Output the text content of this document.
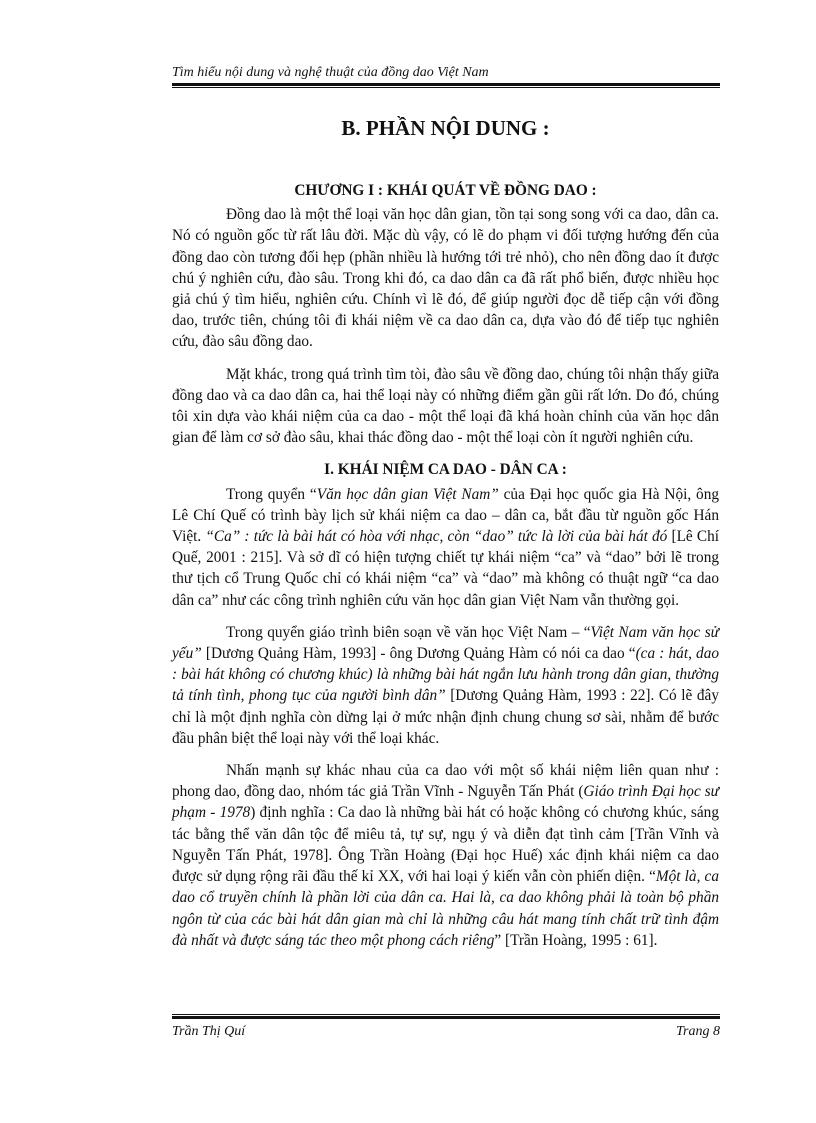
Tìm hiểu nội dung và nghệ thuật của đồng dao Việt Nam
B. PHẦN NỘI DUNG :
CHƯƠNG I : KHÁI QUÁT VỀ ĐỒNG DAO :

Đồng dao là một thể loại văn học dân gian, tồn tại song song với ca dao, dân ca. Nó có nguồn gốc từ rất lâu đời. Mặc dù vậy, có lẽ do phạm vi đối tượng hướng đến của đồng dao còn tương đối hẹp (phần nhiều là hướng tới trẻ nhỏ), cho nên đồng dao ít được chú ý nghiên cứu, đào sâu. Trong khi đó, ca dao dân ca đã rất phổ biến, được nhiều học giả chú ý tìm hiểu, nghiên cứu. Chính vì lẽ đó, để giúp người đọc dễ tiếp cận với đồng dao, trước tiên, chúng tôi đi khái niệm về ca dao dân ca, dựa vào đó để tiếp tục nghiên cứu, đào sâu đồng dao.

Mặt khác, trong quá trình tìm tòi, đào sâu về đồng dao, chúng tôi nhận thấy giữa đồng dao và ca dao dân ca, hai thể loại này có những điểm gần gũi rất lớn. Do đó, chúng tôi xin dựa vào khái niệm của ca dao - một thể loại đã khá hoàn chỉnh của văn học dân gian để làm cơ sở đào sâu, khai thác đồng dao - một thể loại còn ít người nghiên cứu.

I. KHÁI NIỆM CA DAO - DÂN CA :

Trong quyển “Văn học dân gian Việt Nam” của Đại học quốc gia Hà Nội, ông Lê Chí Quế có trình bày lịch sử khái niệm ca dao – dân ca, bắt đầu từ nguồn gốc Hán Việt. “Ca” : tức là bài hát có hòa với nhạc, còn “dao” tức là lời của bài hát đó [Lê Chí Quế, 2001 : 215]. Và sở dĩ có hiện tượng chiết tự khái niệm “ca” và “dao” bởi lẽ trong thư tịch cổ Trung Quốc chỉ có khái niệm “ca” và “dao” mà không có thuật ngữ “ca dao dân ca” như các công trình nghiên cứu văn học dân gian Việt Nam vẫn thường gọi.

Trong quyển giáo trình biên soạn về văn học Việt Nam – “Việt Nam văn học sử yếu” [Dương Quảng Hàm, 1993] - ông Dương Quảng Hàm có nói ca dao “(ca : hát, dao : bài hát không có chương khúc) là những bài hát ngắn lưu hành trong dân gian, thường tả tính tình, phong tục của người bình dân” [Dương Quảng Hàm, 1993 : 22]. Có lẽ đây chỉ là một định nghĩa còn dừng lại ở mức nhận định chung chung sơ sài, nhằm để bước đầu phân biệt thể loại này với thể loại khác.

Nhấn mạnh sự khác nhau của ca dao với một số khái niệm liên quan như : phong dao, đồng dao, nhóm tác giả Trần Vĩnh - Nguyễn Tấn Phát (Giáo trình Đại học sư phạm - 1978) định nghĩa : Ca dao là những bài hát có hoặc không có chương khúc, sáng tác bằng thể văn dân tộc để miêu tả, tự sự, ngụ ý và diễn đạt tình cảm [Trần Vĩnh và Nguyễn Tấn Phát, 1978]. Ông Trần Hoàng (Đại học Huế) xác định khái niệm ca dao được sử dụng rộng rãi đầu thế kỉ XX, với hai loại ý kiến vẫn còn phiến diện. “Một là, ca dao cổ truyền chính là phần lời của dân ca. Hai là, ca dao không phải là toàn bộ phần ngôn từ của các bài hát dân gian mà chỉ là những câu hát mang tính chất trữ tình đậm đà nhất và được sáng tác theo một phong cách riêng” [Trần Hoàng, 1995 : 61].

Trần Thị Quí	Trang 8
